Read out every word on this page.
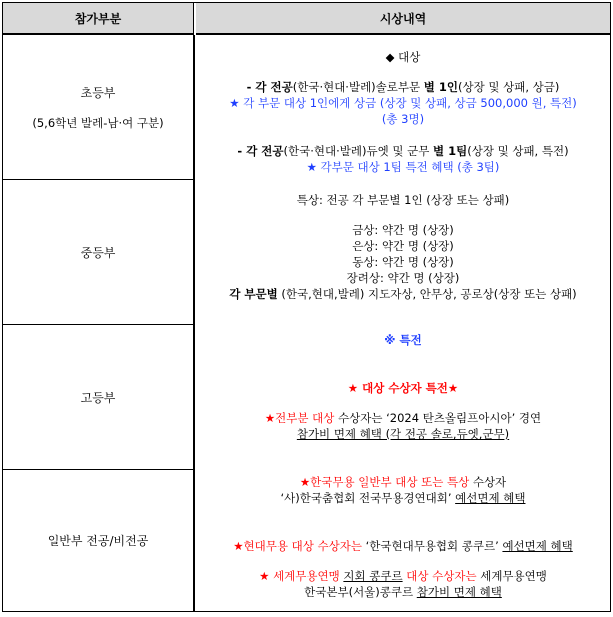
참가부분	시상내역
초등부
(5,6학년 발레-남·여 구분)
중등부
고등부
일반부 전공/비전공
◆ 대상
- 각 전공(한국·현대·발레)솔로부문 별 1인(상장 및 상패, 상금)
★ 각 부문 대상 1인에게 상금 (상장 및 상패, 상금 500,000 원, 특전)
(총 3명)
- 각 전공(한국·현대·발레)듀엣 및 군무 별 1팀(상장 및 상패, 특전)
★ 각부문 대상 1팀 특전 혜택 (총 3팀)
특상: 전공 각 부문별 1인 (상장 또는 상패)
금상: 약간 명 (상장)
은상: 약간 명 (상장)
동상: 약간 명 (상장)
장려상: 약간 명 (상장)
각 부문별 (한국,현대,발레) 지도자상, 안무상, 공로상(상장 또는 상패)
※ 특전
★ 대상 수상자 특전★
★전부분 대상 수상자는 ‘2024 탄츠올림프아시아’ 경연
참가비 면제 혜택 (각 전공 솔로,듀엣,군무)
★한국무용 일반부 대상 또는 특상 수상자
‘사)한국춤협회 전국무용경연대회’ 예선면제 혜택
★현대무용 대상 수상자는 ‘한국현대무용협회 콩쿠르’ 예선면제 혜택
★ 세계무용연맹 지회 콩쿠르 대상 수상자는 세계무용연맹
한국본부(서울)콩쿠르 참가비 면제 혜택
